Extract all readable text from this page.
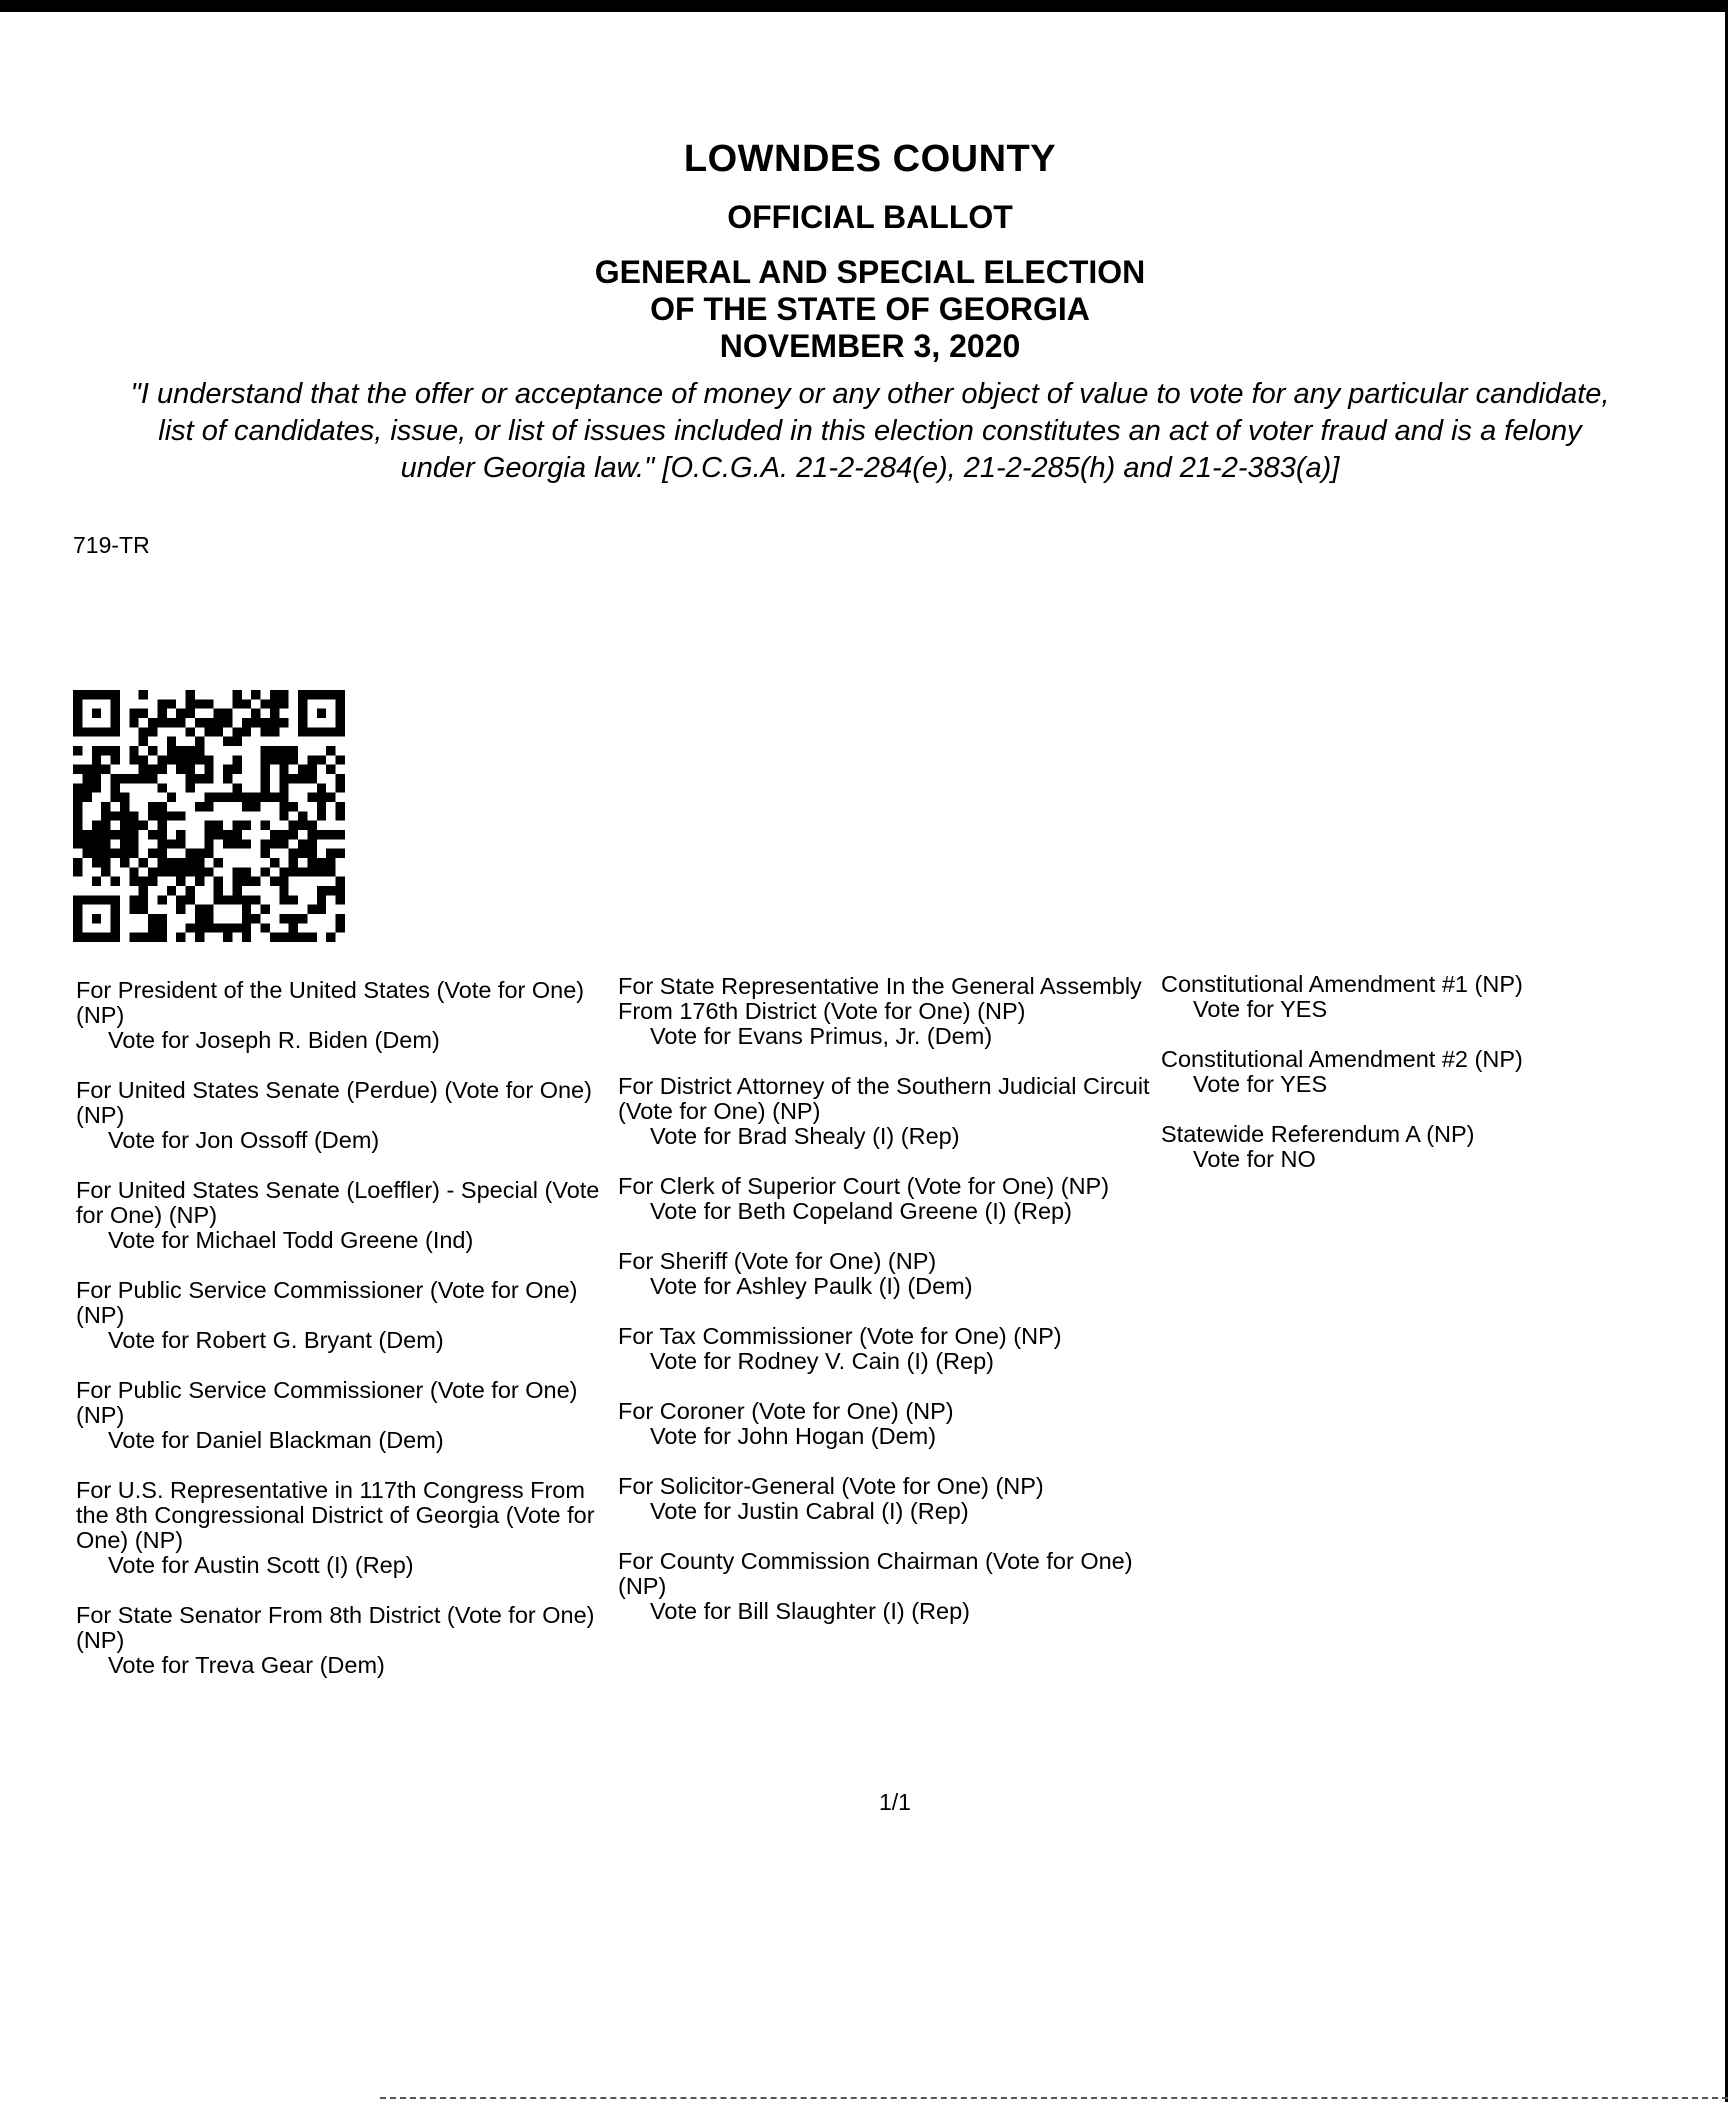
LOWNDES COUNTY
OFFICIAL BALLOT
GENERAL AND SPECIAL ELECTION
OF THE STATE OF GEORGIA
NOVEMBER 3, 2020
"I understand that the offer or acceptance of money or any other object of value to vote for any particular candidate,
list of candidates, issue, or list of issues included in this election constitutes an act of voter fraud and is a felony
under Georgia law." [O.C.G.A. 21-2-284(e), 21-2-285(h) and 21-2-383(a)]
719-TR
For President of the United States (Vote for One) (NP)
Vote for Joseph R. Biden (Dem)
For United States Senate (Perdue) (Vote for One) (NP)
Vote for Jon Ossoff (Dem)
For United States Senate (Loeffler) - Special (Vote for One) (NP)
Vote for Michael Todd Greene (Ind)
For Public Service Commissioner (Vote for One) (NP)
Vote for Robert G. Bryant (Dem)
For Public Service Commissioner (Vote for One) (NP)
Vote for Daniel Blackman (Dem)
For U.S. Representative in 117th Congress From the 8th Congressional District of Georgia (Vote for One) (NP)
Vote for Austin Scott (I) (Rep)
For State Senator From 8th District (Vote for One) (NP)
Vote for Treva Gear (Dem)
For State Representative In the General Assembly From 176th District (Vote for One) (NP)
Vote for Evans Primus, Jr. (Dem)
For District Attorney of the Southern Judicial Circuit (Vote for One) (NP)
Vote for Brad Shealy (I) (Rep)
For Clerk of Superior Court (Vote for One) (NP)
Vote for Beth Copeland Greene (I) (Rep)
For Sheriff (Vote for One) (NP)
Vote for Ashley Paulk (I) (Dem)
For Tax Commissioner (Vote for One) (NP)
Vote for Rodney V. Cain (I) (Rep)
For Coroner (Vote for One) (NP)
Vote for John Hogan (Dem)
For Solicitor-General (Vote for One) (NP)
Vote for Justin Cabral (I) (Rep)
For County Commission Chairman (Vote for One) (NP)
Vote for Bill Slaughter (I) (Rep)
Constitutional Amendment #1 (NP)
Vote for YES
Constitutional Amendment #2 (NP)
Vote for YES
Statewide Referendum A (NP)
Vote for NO
1/1
